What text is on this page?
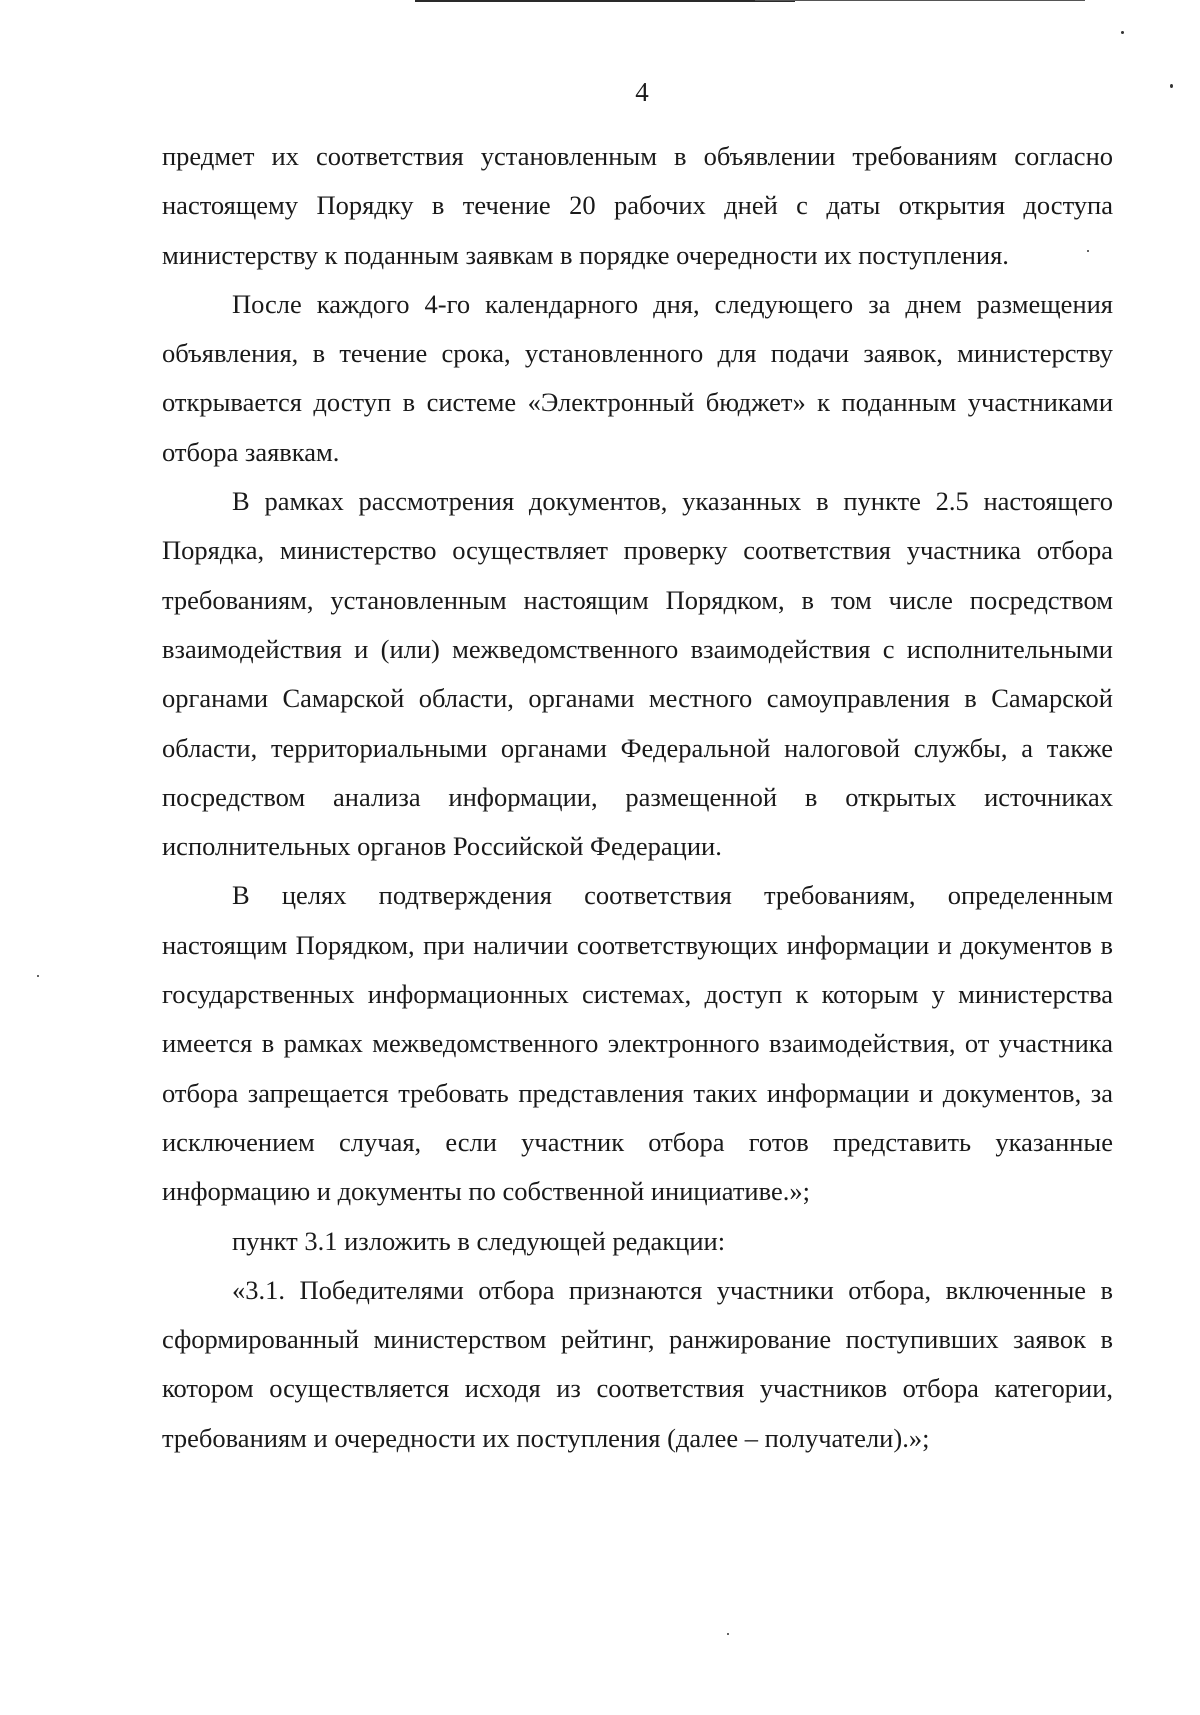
4

предмет их соответствия установленным в объявлении требованиям согласно настоящему Порядку в течение 20 рабочих дней с даты открытия доступа министерству к поданным заявкам в порядке очередности их поступления.

После каждого 4-го календарного дня, следующего за днем размещения объявления, в течение срока, установленного для подачи заявок, министерству открывается доступ в системе «Электронный бюджет» к поданным участниками отбора заявкам.

В рамках рассмотрения документов, указанных в пункте 2.5 настоящего Порядка, министерство осуществляет проверку соответствия участника отбора требованиям, установленным настоящим Порядком, в том числе посредством взаимодействия и (или) межведомственного взаимодействия с исполнительными органами Самарской области, органами местного самоуправления в Самарской области, территориальными органами Федеральной налоговой службы, а также посредством анализа информации, размещенной в открытых источниках исполнительных органов Российской Федерации.

В целях подтверждения соответствия требованиям, определенным настоящим Порядком, при наличии соответствующих информации и документов в государственных информационных системах, доступ к которым у министерства имеется в рамках межведомственного электронного взаимодействия, от участника отбора запрещается требовать представления таких информации и документов, за исключением случая, если участник отбора готов представить указанные информацию и документы по собственной инициативе.»;

пункт 3.1 изложить в следующей редакции:

«3.1. Победителями отбора признаются участники отбора, включенные в сформированный министерством рейтинг, ранжирование поступивших заявок в котором осуществляется исходя из соответствия участников отбора категории, требованиям и очередности их поступления (далее – получатели).»;
